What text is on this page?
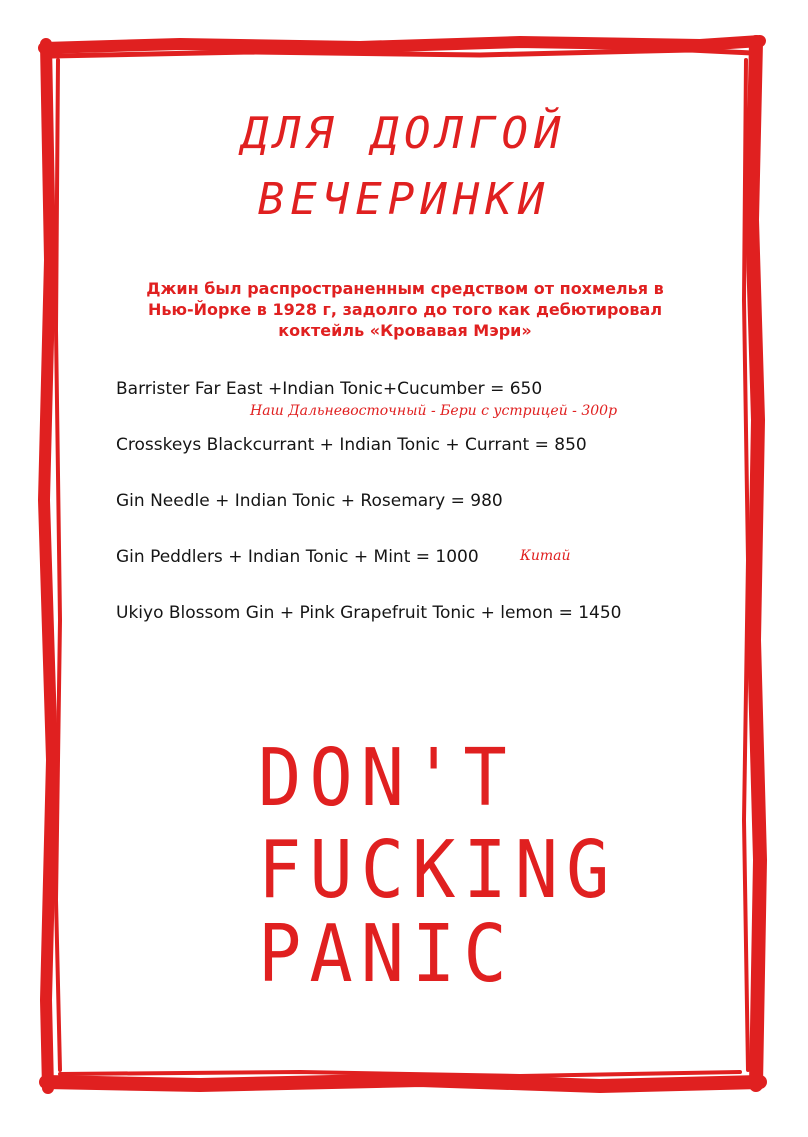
ДЛЯ ДОЛГОЙ
ВЕЧЕРИНКИ
Джин был распространенным средством от похмелья в
Нью-Йорке в 1928 г, задолго до того как дебютировал
коктейль «Кровавая Мэри»
Barrister Far East +Indian Tonic+Cucumber = 650
Наш Дальневосточный - Бери с устрицей - 300р
Crosskeys Blackcurrant + Indian Tonic + Currant = 850
Gin Needle + Indian Tonic + Rosemary = 980
Gin Peddlers + Indian Tonic + Mint = 1000	Китай
Ukiyo Blossom Gin + Pink Grapefruit Tonic + lemon = 1450
DON'T
FUCKING
PANIC
